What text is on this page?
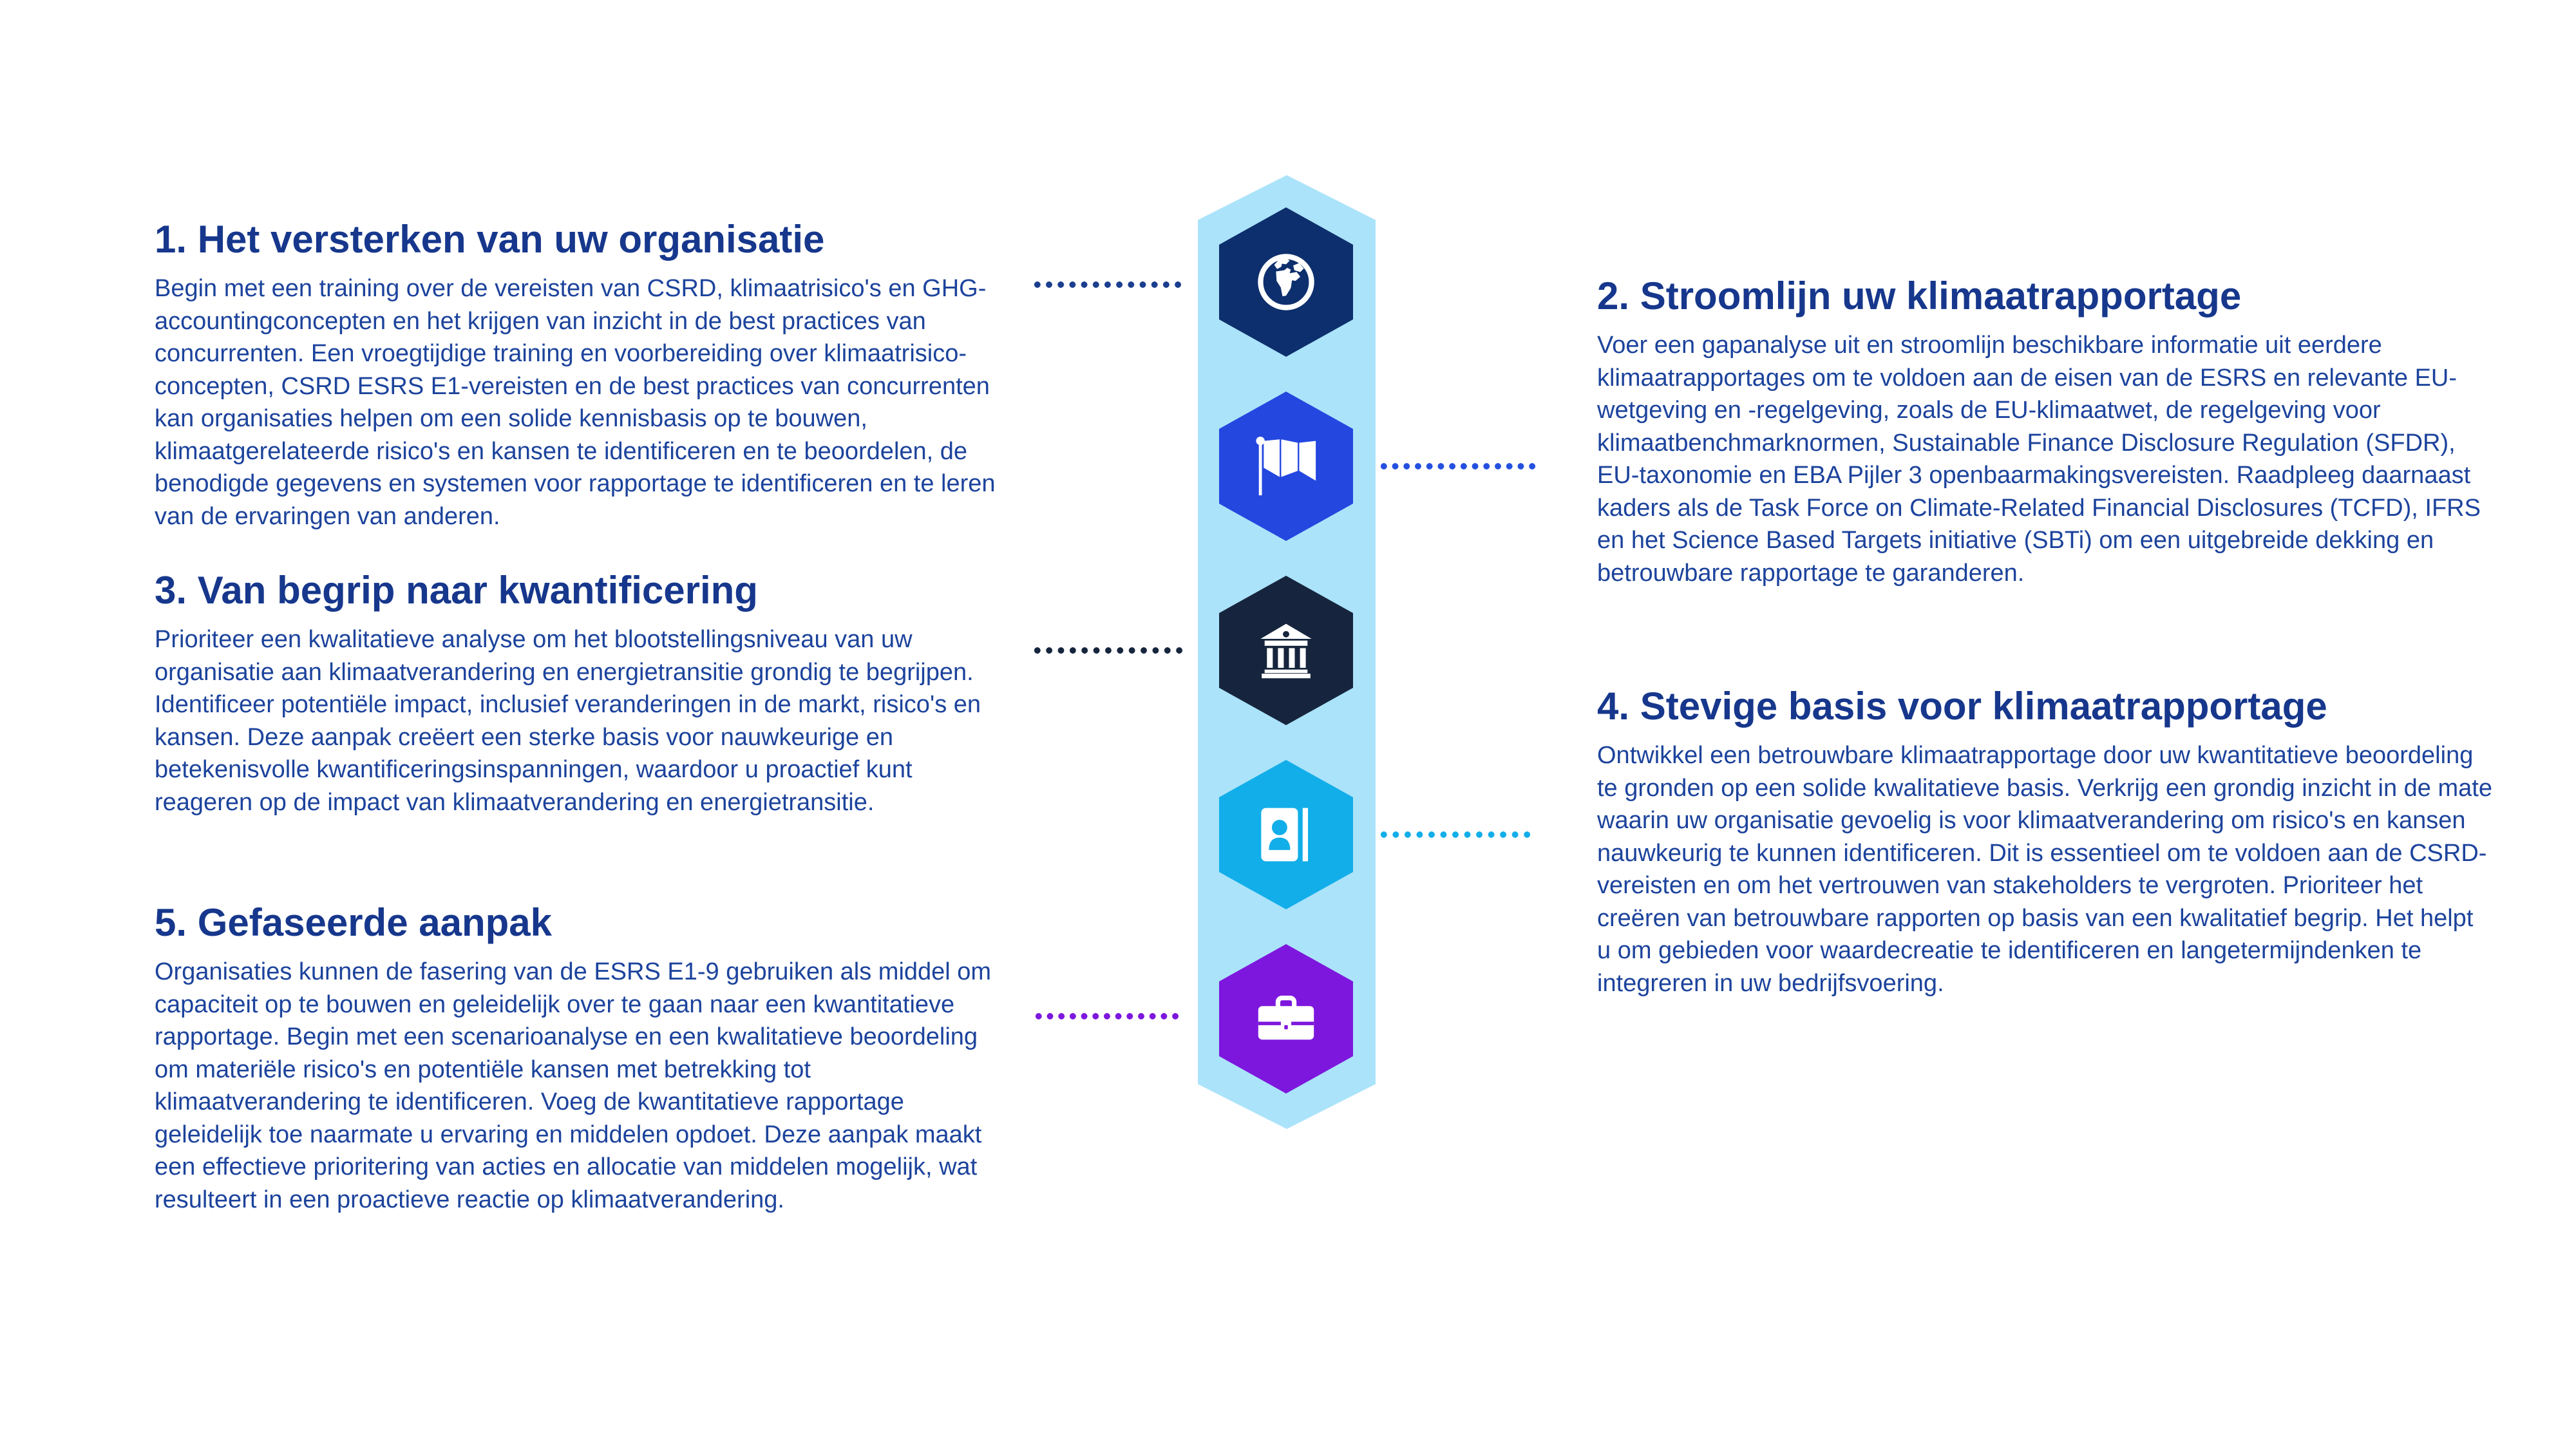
1. Het versterken van uw organisatie

Begin met een training over de vereisten van CSRD, klimaatrisico's en GHG-accountingconcepten en het krijgen van inzicht in de best practices van concurrenten. Een vroegtijdige training en voorbereiding over klimaatrisico-concepten, CSRD ESRS E1-vereisten en de best practices van concurrenten kan organisaties helpen om een solide kennisbasis op te bouwen, klimaatgerelateerde risico's en kansen te identificeren en te beoordelen, de benodigde gegevens en systemen voor rapportage te identificeren en te leren van de ervaringen van anderen.

3. Van begrip naar kwantificering

Prioriteer een kwalitatieve analyse om het blootstellingsniveau van uw organisatie aan klimaatverandering en energietransitie grondig te begrijpen. Identificeer potentiële impact, inclusief veranderingen in de markt, risico's en kansen. Deze aanpak creëert een sterke basis voor nauwkeurige en betekenisvolle kwantificeringsinspanningen, waardoor u proactief kunt reageren op de impact van klimaatverandering en energietransitie.

5. Gefaseerde aanpak

Organisaties kunnen de fasering van de ESRS E1-9 gebruiken als middel om capaciteit op te bouwen en geleidelijk over te gaan naar een kwantitatieve rapportage. Begin met een scenarioanalyse en een kwalitatieve beoordeling om materiële risico's en potentiële kansen met betrekking tot klimaatverandering te identificeren. Voeg de kwantitatieve rapportage geleidelijk toe naarmate u ervaring en middelen opdoet. Deze aanpak maakt een effectieve prioritering van acties en allocatie van middelen mogelijk, wat resulteert in een proactieve reactie op klimaatverandering.

2. Stroomlijn uw klimaatrapportage

Voer een gapanalyse uit en stroomlijn beschikbare informatie uit eerdere klimaatrapportages om te voldoen aan de eisen van de ESRS en relevante EU-wetgeving en -regelgeving, zoals de EU-klimaatwet, de regelgeving voor klimaatbenchmarknormen, Sustainable Finance Disclosure Regulation (SFDR), EU-taxonomie en EBA Pijler 3 openbaarmakingsvereisten. Raadpleeg daarnaast kaders als de Task Force on Climate-Related Financial Disclosures (TCFD), IFRS en het Science Based Targets initiative (SBTi) om een uitgebreide dekking en betrouwbare rapportage te garanderen.

4. Stevige basis voor klimaatrapportage

Ontwikkel een betrouwbare klimaatrapportage door uw kwantitatieve beoordeling te gronden op een solide kwalitatieve basis. Verkrijg een grondig inzicht in de mate waarin uw organisatie gevoelig is voor klimaatverandering om risico's en kansen nauwkeurig te kunnen identificeren. Dit is essentieel om te voldoen aan de CSRD-vereisten en om het vertrouwen van stakeholders te vergroten. Prioriteer het creëren van betrouwbare rapporten op basis van een kwalitatief begrip. Het helpt u om gebieden voor waardecreatie te identificeren en langetermijndenken te integreren in uw bedrijfsvoering.
